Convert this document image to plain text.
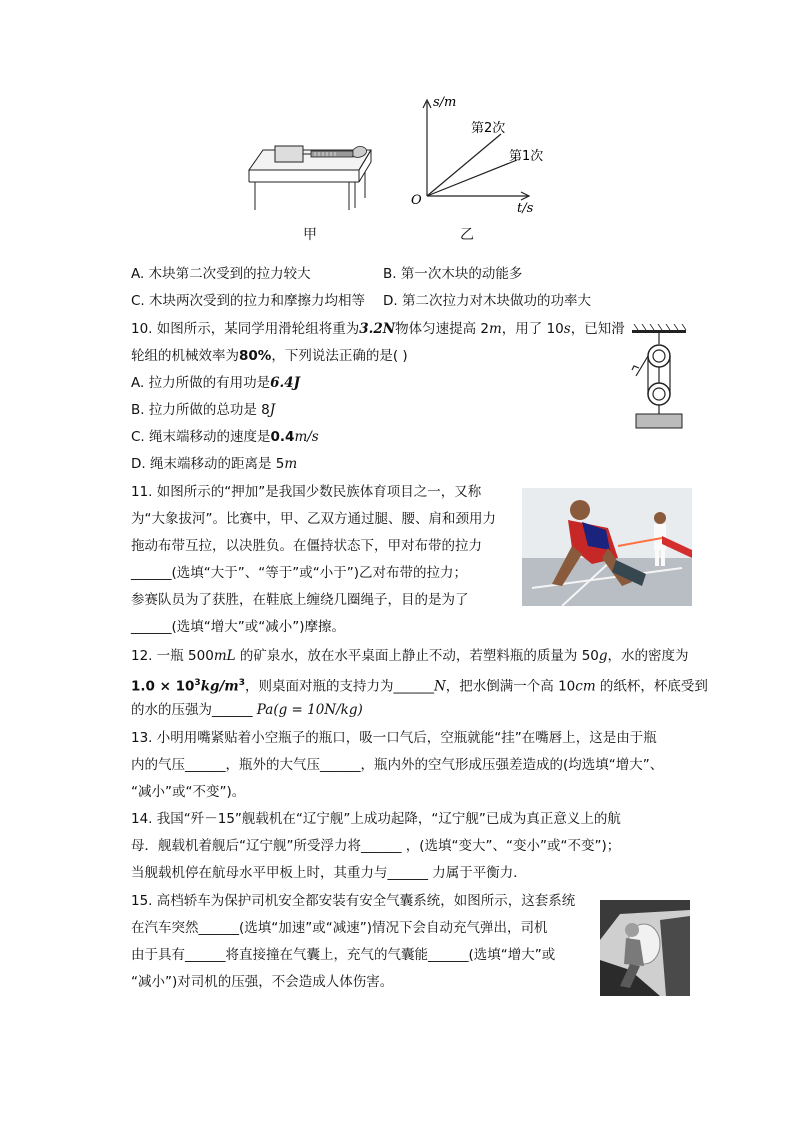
甲
s/m
t/s
O
第2次
第1次
乙
A. 木块第二次受到的拉力较大	B. 第一次木块的动能多
C. 木块两次受到的拉力和摩擦力均相等 D. 第二次拉力对木块做功的功率大
10. 如图所示，某同学用滑轮组将重为3.2N物体匀速提高 2m，用了 10s，已知滑
轮组的机械效率为80%，下列说法正确的是( )
A. 拉力所做的有用功是6.4J
B. 拉力所做的总功是 8J
C. 绳末端移动的速度是0.4m/s
D. 绳末端移动的距离是 5m
11. 如图所示的“押加”是我国少数民族体育项目之一，又称
为“大象拔河”。比赛中，甲、乙双方通过腿、腰、肩和颈用力
拖动布带互拉，以决胜负。在僵持状态下，甲对布带的拉力
______(选填“大于”、“等于”或“小于”)乙对布带的拉力；
参赛队员为了获胜，在鞋底上缠绕几圈绳子，目的是为了
______(选填“增大”或“减小”)摩擦。
12. 一瓶 500mL 的矿泉水，放在水平桌面上静止不动，若塑料瓶的质量为 50g，水的密度为
$1.0 \times 10^3kg/m^3$，则桌面对瓶的支持力为______N，把水倒满一个高 10cm 的纸杯，杯底受到
的水的压强为______ Pa(g = 10N/kg)
13. 小明用嘴紧贴着小空瓶子的瓶口，吸一口气后，空瓶就能“挂”在嘴唇上，这是由于瓶
内的气压______，瓶外的大气压______，瓶内外的空气形成压强差造成的(均选填“增大”、
“减小”或“不变”)。
14. 我国“歼－15”舰载机在“辽宁舰”上成功起降，“辽宁舰”已成为真正意义上的航
母．舰载机着舰后“辽宁舰”所受浮力将______ ，(选填“变大”、“变小”或“不变”)；
当舰载机停在航母水平甲板上时，其重力与______ 力属于平衡力．
15. 高档轿车为保护司机安全都安装有安全气囊系统，如图所示，这套系统
在汽车突然______(选填“加速”或“减速”)情况下会自动充气弹出，司机
由于具有______将直接撞在气囊上，充气的气囊能______(选填“增大”或
“减小”)对司机的压强，不会造成人体伤害。
